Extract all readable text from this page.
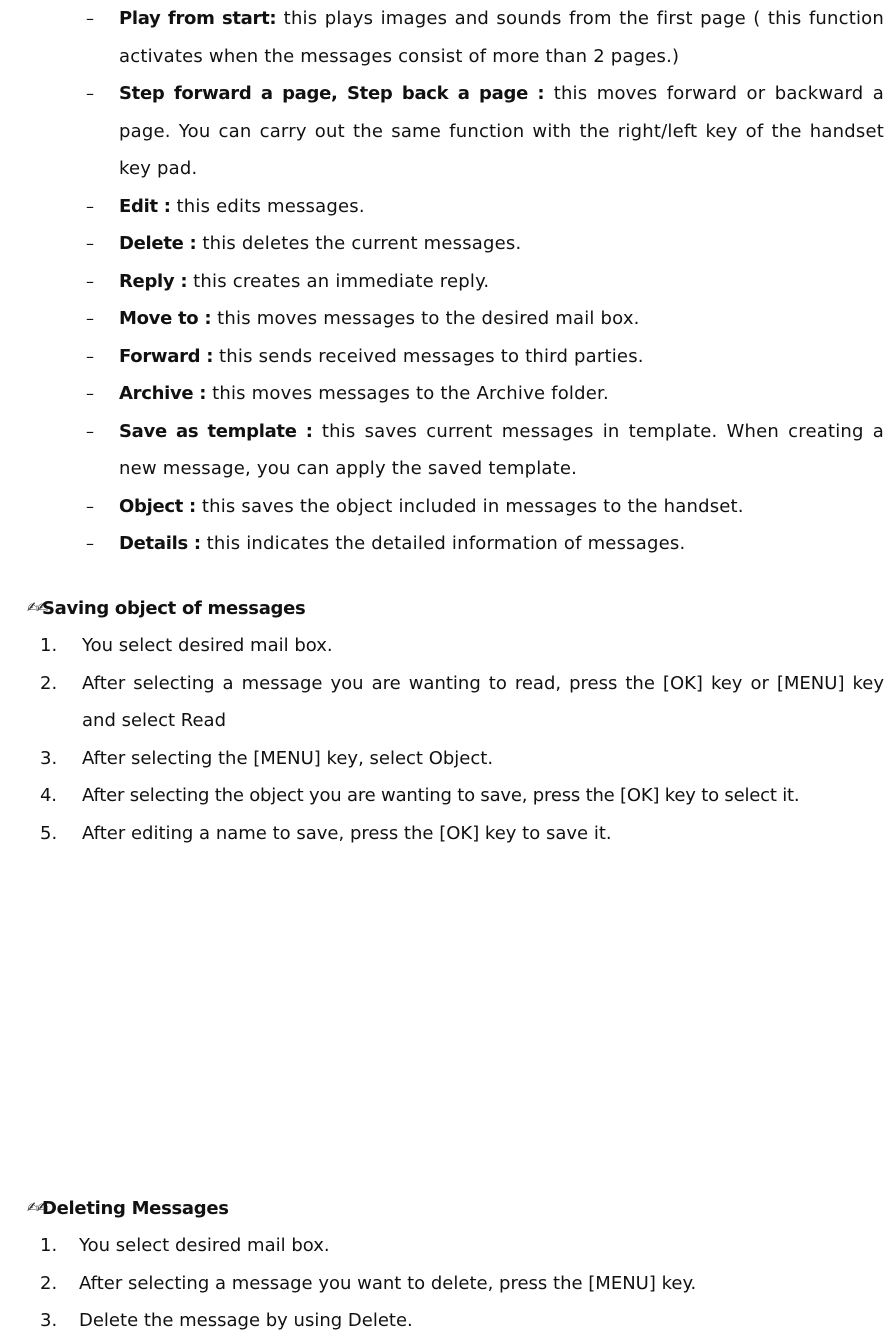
– Play from start: this plays images and sounds from the first page ( this function activates when the messages consist of more than 2 pages.)
– Step forward a page, Step back a page : this moves forward or backward a page. You can carry out the same function with the right/left key of the handset key pad.
– Edit : this edits messages.
– Delete : this deletes the current messages.
– Reply : this creates an immediate reply.
– Move to : this moves messages to the desired mail box.
– Forward : this sends received messages to third parties.
– Archive : this moves messages to the Archive folder.
– Save as template : this saves current messages in template. When creating a new message, you can apply the saved template.
– Object : this saves the object included in messages to the handset.
– Details : this indicates the detailed information of messages.
✍✍
Saving object of messages
1. You select desired mail box.
2. After selecting a message you are wanting to read, press the [OK] key or [MENU] key and select Read
3. After selecting the [MENU] key, select Object.
4. After selecting the object you are wanting to save, press the [OK] key to select it.
5. After editing a name to save, press the [OK] key to save it.
✍✍
Deleting Messages
1. You select desired mail box.
2. After selecting a message you want to delete, press the [MENU] key.
3. Delete the message by using Delete.
